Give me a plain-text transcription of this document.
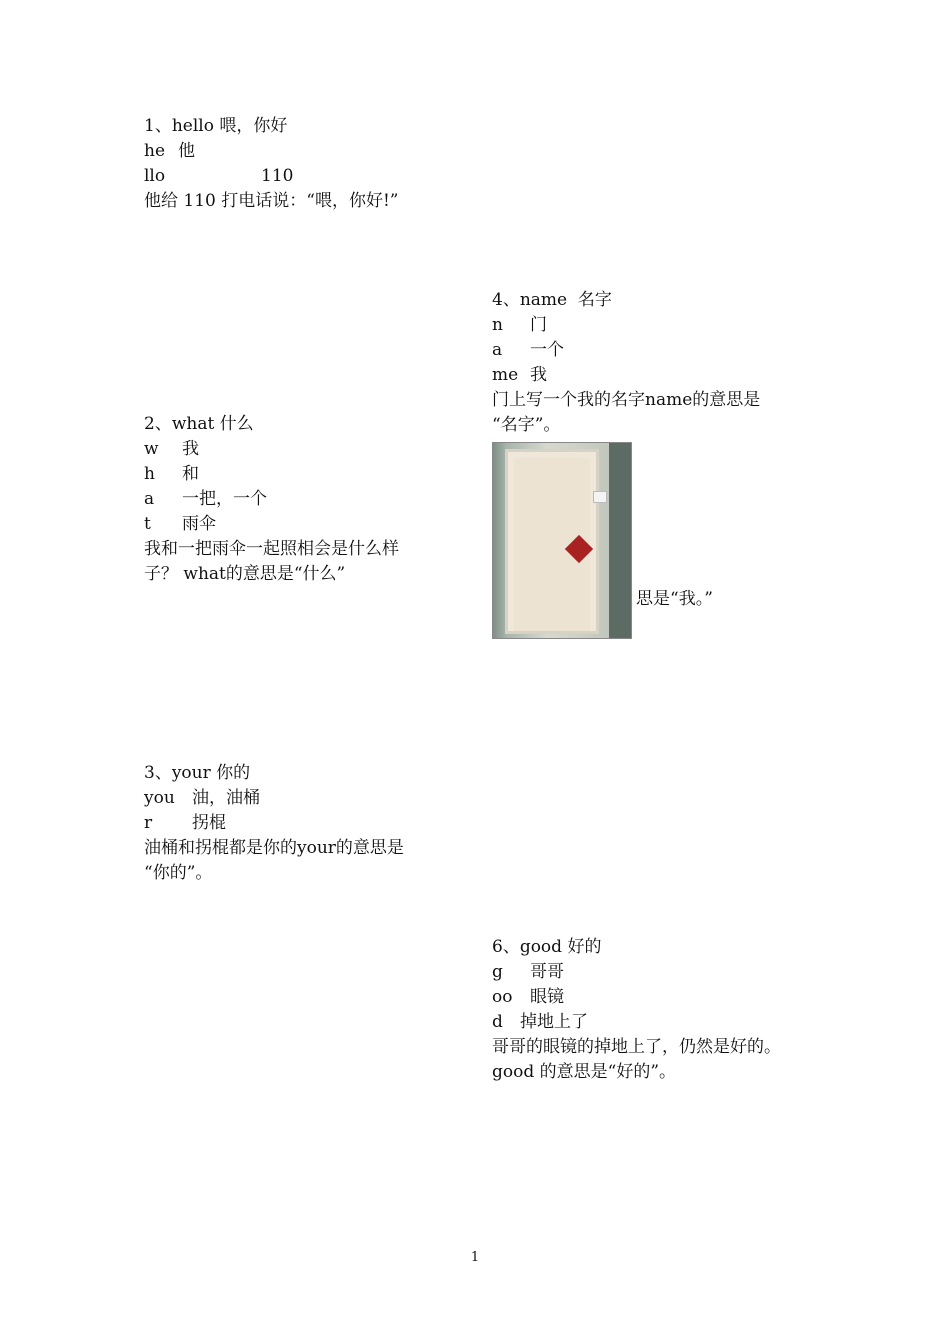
1、hello 喂，你好
he 他
llo	110
他给 110 打电话说：“喂，你好!”
2、what 什么
w 我
h 和
a 一把，一个
t 雨伞
我和一把雨伞一起照相会是什么样
子？ what的意思是“什么”
3、your 你的
you 油，油桶
r 拐棍
油桶和拐棍都是你的your的意思是
“你的”。
4、name  名字
n 门
a 一个
me 我
门上写一个我的名字name的意思是
“名字”。
思是“我。”
6、good 好的
g 哥哥
oo 眼镜
d 掉地上了
哥哥的眼镜的掉地上了，仍然是好的。
good 的意思是“好的”。
1
